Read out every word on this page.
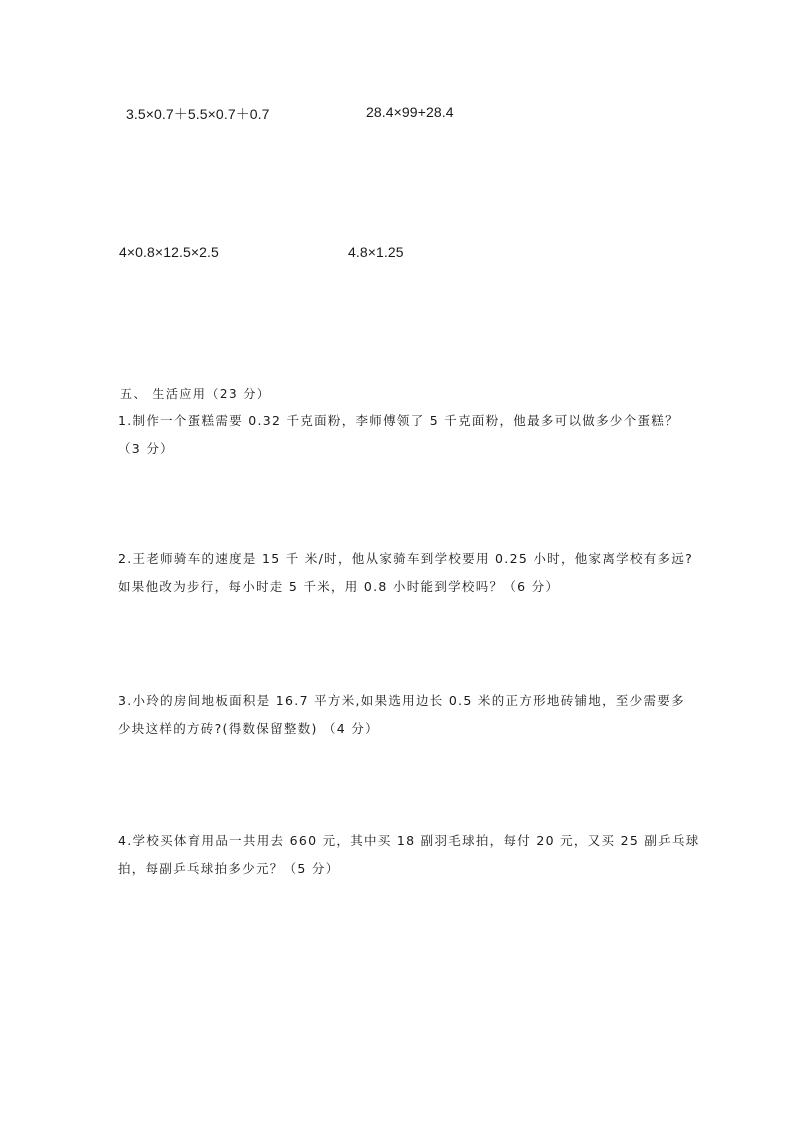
3.5×0.7＋5.5×0.7＋0.7	28.4×99+28.4
4×0.8×12.5×2.5	4.8×1.25
五、 生活应用（23 分）
1.制作一个蛋糕需要 0.32 千克面粉，李师傅领了 5 千克面粉，他最多可以做多少个蛋糕？
（3 分）
2.王老师骑车的速度是 15 千 米/时，他从家骑车到学校要用 0.25 小时，他家离学校有多远?
如果他改为步行，每小时走 5 千米，用 0.8 小时能到学校吗？（6 分）
3.小玲的房间地板面积是 16.7 平方米,如果选用边长 0.5 米的正方形地砖铺地，至少需要多
少块这样的方砖?(得数保留整数) （4 分）
4.学校买体育用品一共用去 660 元，其中买 18 副羽毛球拍，每付 20 元，又买 25 副乒乓球
拍，每副乒乓球拍多少元？（5 分）
